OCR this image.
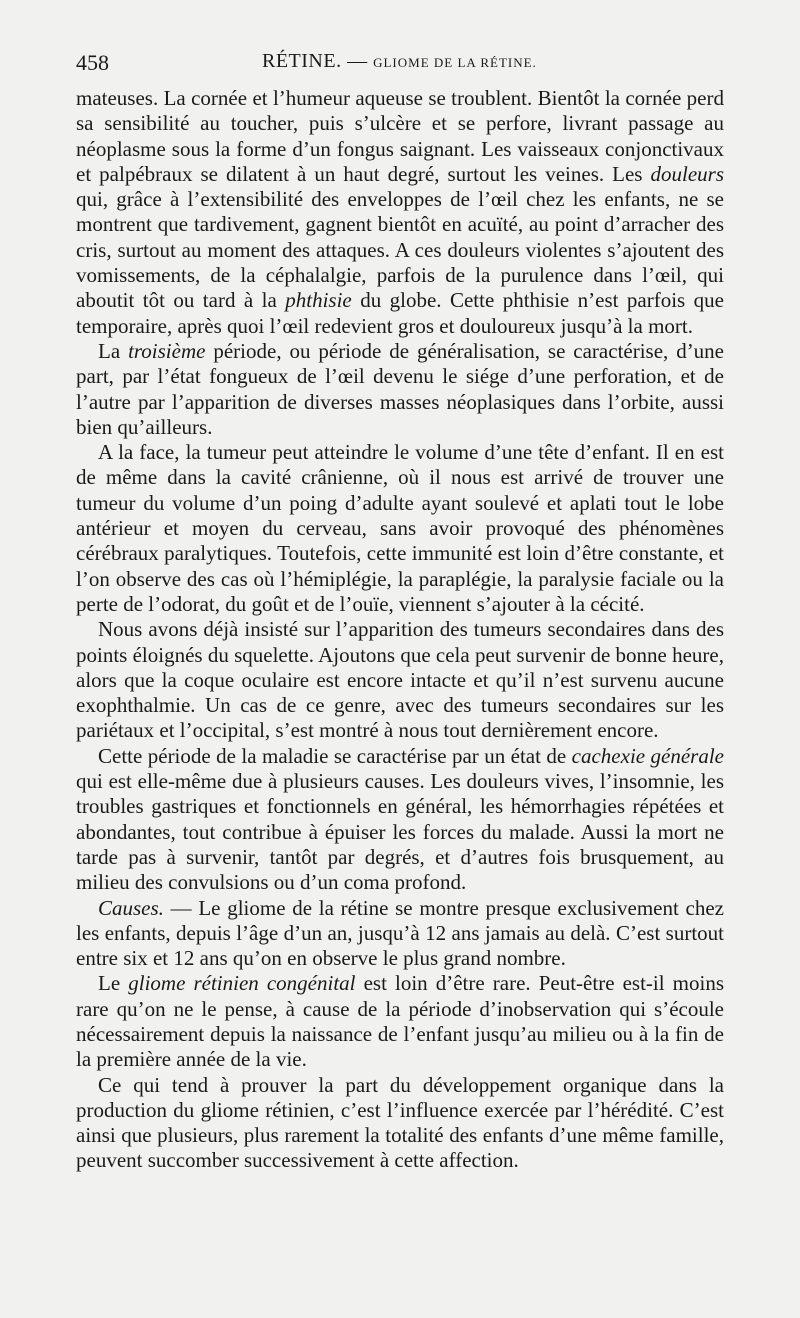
458	RÉTINE. — GLIOME DE LA RÉTINE.

mateuses. La cornée et l’humeur aqueuse se troublent. Bientôt la cornée perd sa sensibilité au toucher, puis s’ulcère et se perfore, livrant passage au néoplasme sous la forme d’un fongus saignant. Les vaisseaux conjonctivaux et palpébraux se dilatent à un haut degré, surtout les veines. Les douleurs qui, grâce à l’extensibilité des enveloppes de l’œil chez les enfants, ne se montrent que tardivement, gagnent bientôt en acuïté, au point d’arracher des cris, surtout au moment des attaques. A ces douleurs violentes s’ajoutent des vomissements, de la céphalalgie, parfois de la purulence dans l’œil, qui aboutit tôt ou tard à la phthisie du globe. Cette phthisie n’est parfois que temporaire, après quoi l’œil redevient gros et douloureux jusqu’à la mort.

La troisième période, ou période de généralisation, se caractérise, d’une part, par l’état fongueux de l’œil devenu le siége d’une perforation, et de l’autre par l’apparition de diverses masses néoplasiques dans l’orbite, aussi bien qu’ailleurs.

A la face, la tumeur peut atteindre le volume d’une tête d’enfant. Il en est de même dans la cavité crânienne, où il nous est arrivé de trouver une tumeur du volume d’un poing d’adulte ayant soulevé et aplati tout le lobe antérieur et moyen du cerveau, sans avoir provoqué des phénomènes cérébraux paralytiques. Toutefois, cette immunité est loin d’être constante, et l’on observe des cas où l’hémiplégie, la paraplégie, la paralysie faciale ou la perte de l’odorat, du goût et de l’ouïe, viennent s’ajouter à la cécité.

Nous avons déjà insisté sur l’apparition des tumeurs secondaires dans des points éloignés du squelette. Ajoutons que cela peut survenir de bonne heure, alors que la coque oculaire est encore intacte et qu’il n’est survenu aucune exophthalmie. Un cas de ce genre, avec des tumeurs secondaires sur les pariétaux et l’occipital, s’est montré à nous tout dernièrement encore.

Cette période de la maladie se caractérise par un état de cachexie générale qui est elle-même due à plusieurs causes. Les douleurs vives, l’insomnie, les troubles gastriques et fonctionnels en général, les hémorrhagies répétées et abondantes, tout contribue à épuiser les forces du malade. Aussi la mort ne tarde pas à survenir, tantôt par degrés, et d’autres fois brusquement, au milieu des convulsions ou d’un coma profond.

Causes. — Le gliome de la rétine se montre presque exclusivement chez les enfants, depuis l’âge d’un an, jusqu’à 12 ans jamais au delà. C’est surtout entre six et 12 ans qu’on en observe le plus grand nombre.

Le gliome rétinien congénital est loin d’être rare. Peut-être est-il moins rare qu’on ne le pense, à cause de la période d’inobservation qui s’écoule nécessairement depuis la naissance de l’enfant jusqu’au milieu ou à la fin de la première année de la vie.

Ce qui tend à prouver la part du développement organique dans la production du gliome rétinien, c’est l’influence exercée par l’hérédité. C’est ainsi que plusieurs, plus rarement la totalité des enfants d’une même famille, peuvent succomber successivement à cette affection.
